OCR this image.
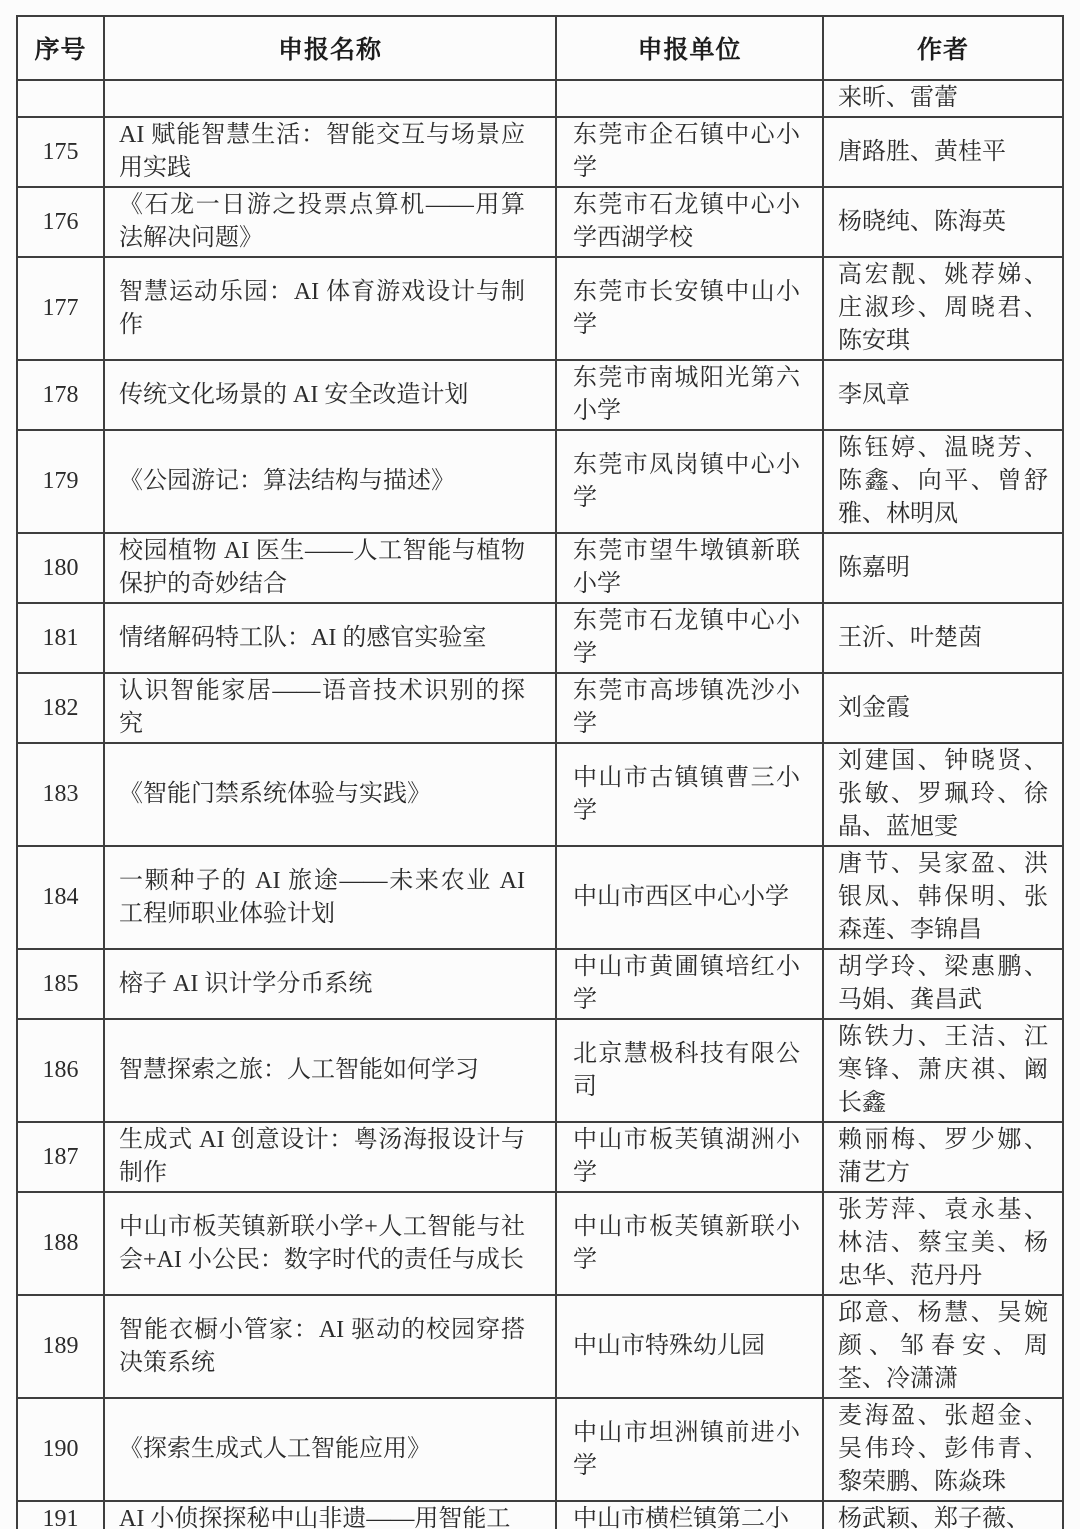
序号	申报名称	申报单位	作者

			来昕、雷蕾

175	AI 赋能智慧生活：智能交互与场景应用实践	东莞市企石镇中心小学	唐路胜、黄桂平

176	《石龙一日游之投票点算机——用算法解决问题》	东莞市石龙镇中心小学西湖学校	杨晓纯、陈海英

177	智慧运动乐园：AI 体育游戏设计与制作	东莞市长安镇中山小学	高宏靓、姚荐娣、庄淑珍、周晓君、陈安琪

178	传统文化场景的 AI 安全改造计划	东莞市南城阳光第六小学	李凤章

179	《公园游记：算法结构与描述》	东莞市凤岗镇中心小学	陈钰婷、温晓芳、陈鑫、向平、曾舒雅、林明凤

180	校园植物 AI 医生——人工智能与植物保护的奇妙结合	东莞市望牛墩镇新联小学	陈嘉明

181	情绪解码特工队：AI 的感官实验室	东莞市石龙镇中心小学	王沂、叶楚茵

182	认识智能家居——语音技术识别的探究	东莞市高埗镇冼沙小学	刘金霞

183	《智能门禁系统体验与实践》	中山市古镇镇曹三小学	刘建国、钟晓贤、张敏、罗珮玲、徐晶、蓝旭雯

184	一颗种子的 AI 旅途——未来农业 AI 工程师职业体验计划	中山市西区中心小学	唐节、吴家盈、洪银凤、韩保明、张森莲、李锦昌

185	榕子 AI 识计学分币系统	中山市黄圃镇培红小学	胡学玲、梁惠鹏、马娟、龚昌武

186	智慧探索之旅：人工智能如何学习	北京慧极科技有限公司	陈铁力、王洁、江寒锋、萧庆祺、阚长鑫

187	生成式 AI 创意设计：粤汤海报设计与制作	中山市板芙镇湖洲小学	赖丽梅、罗少娜、蒲艺方

188	中山市板芙镇新联小学+人工智能与社会+AI 小公民：数字时代的责任与成长	中山市板芙镇新联小学	张芳萍、袁永基、林洁、蔡宝美、杨忠华、范丹丹

189	智能衣橱小管家：AI 驱动的校园穿搭决策系统	中山市特殊幼儿园	邱意、杨慧、吴婉颜、邹春安、周荃、冷潇潇

190	《探索生成式人工智能应用》	中山市坦洲镇前进小学	麦海盈、张超金、吴伟玲、彭伟青、黎荣鹏、陈焱珠

191	AI 小侦探探秘中山非遗——用智能工	中山市横栏镇第二小	杨武颖、郑子薇、
